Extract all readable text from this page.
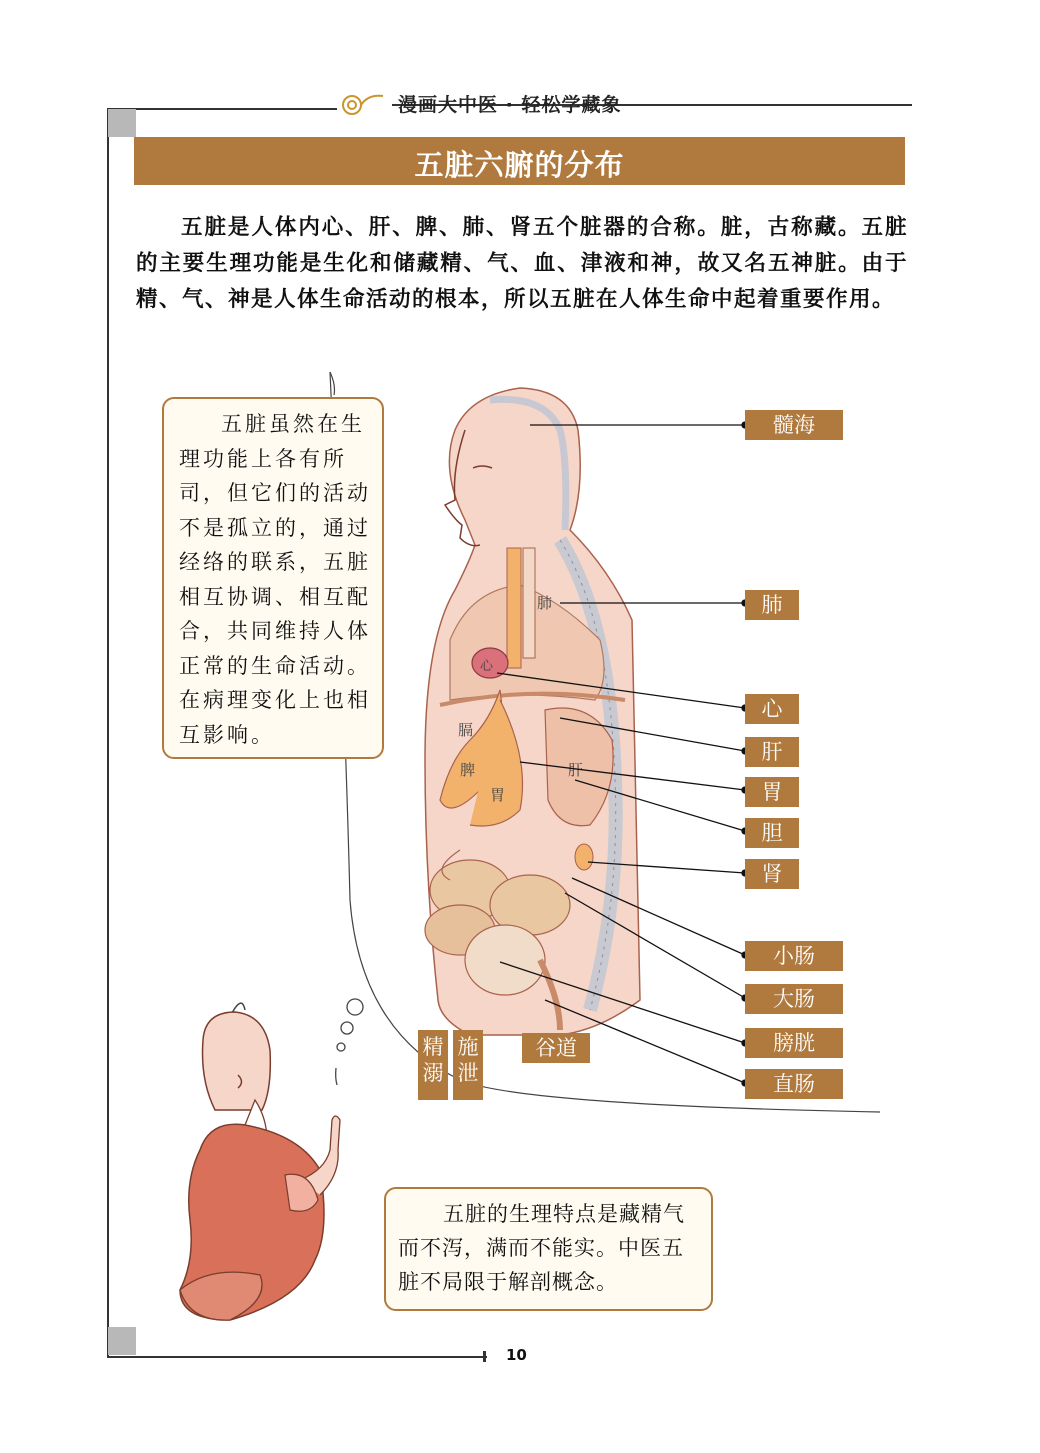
漫画大中医 · 轻松学藏象
五脏六腑的分布
五脏是人体内心、肝、脾、肺、肾五个脏器的合称。脏，古称藏。五脏的主要生理功能是生化和储藏精、气、血、津液和神，故又名五神脏。由于精、气、神是人体生命活动的根本，所以五脏在人体生命中起着重要作用。
肺
心
膈
脾
胃
肝
五脏虽然在生理功能上各有所司，但它们的活动不是孤立的，通过经络的联系，五脏相互协调、相互配合，共同维持人体正常的生命活动。在病理变化上也相互影响。
髓海
肺
心
肝
胃
胆
肾
小肠
大肠
膀胱
直肠
精溺
施泄
谷道
五脏的生理特点是藏精气而不泻，满而不能实。中医五脏不局限于解剖概念。
10
